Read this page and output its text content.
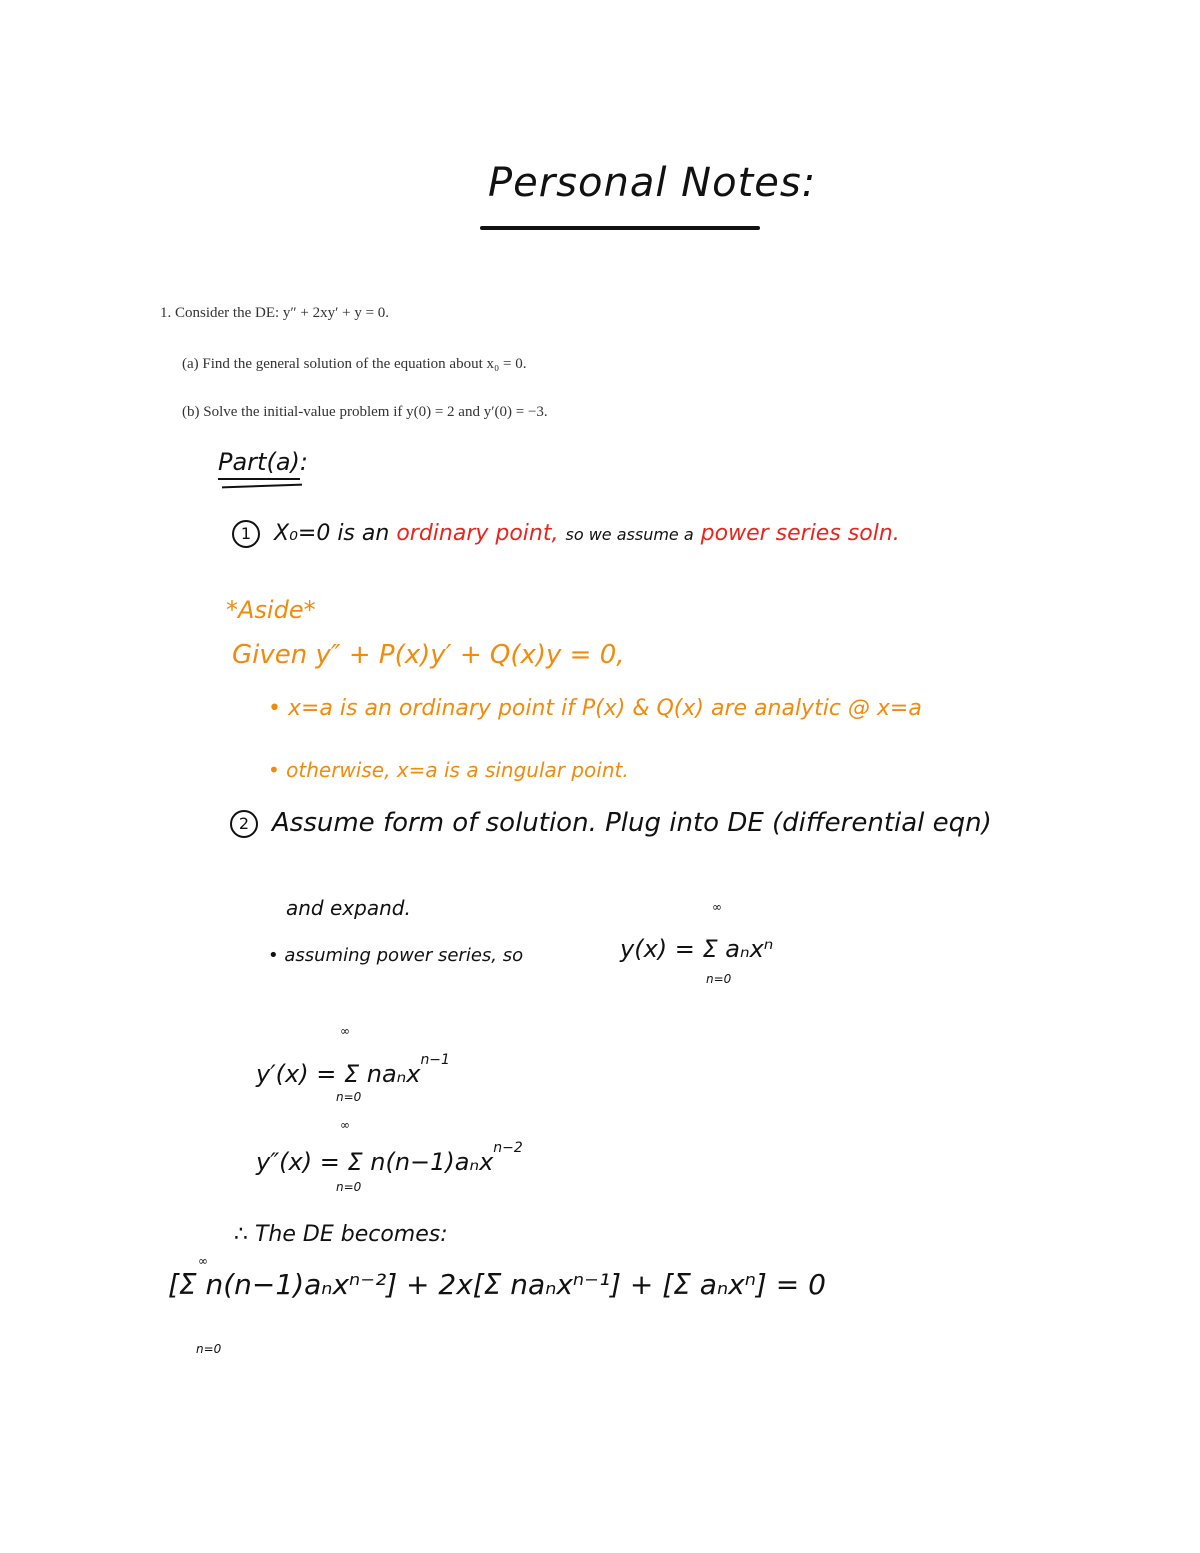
Personal Notes:
1. Consider the DE: y″ + 2xy′ + y = 0.
(a) Find the general solution of the equation about x₀ = 0.
(b) Solve the initial-value problem if y(0) = 2 and y′(0) = −3.
Part(a):
1 X₀=0 is an ordinary point, so we assume a power series soln.
*Aside*
Given y″ + P(x)y′ + Q(x)y = 0,
• x=a is an ordinary point if P(x) & Q(x) are analytic @ x=a
• otherwise, x=a is a singular point.
2 Assume form of solution. Plug into DE (differential eqn)
and expand.
• assuming power series, so	y(x) = Σ aₙxⁿ
∞
n=0
y′(x) = Σ naₙx$^{n-1}$
∞
n=0
y″(x) = Σ n(n−1)aₙx$^{n-2}$
∞
n=0
∴ The DE becomes:
[Σ n(n−1)aₙxⁿ⁻²] + 2x[Σ naₙxⁿ⁻¹] + [Σ aₙxⁿ] = 0
∞
n=0
